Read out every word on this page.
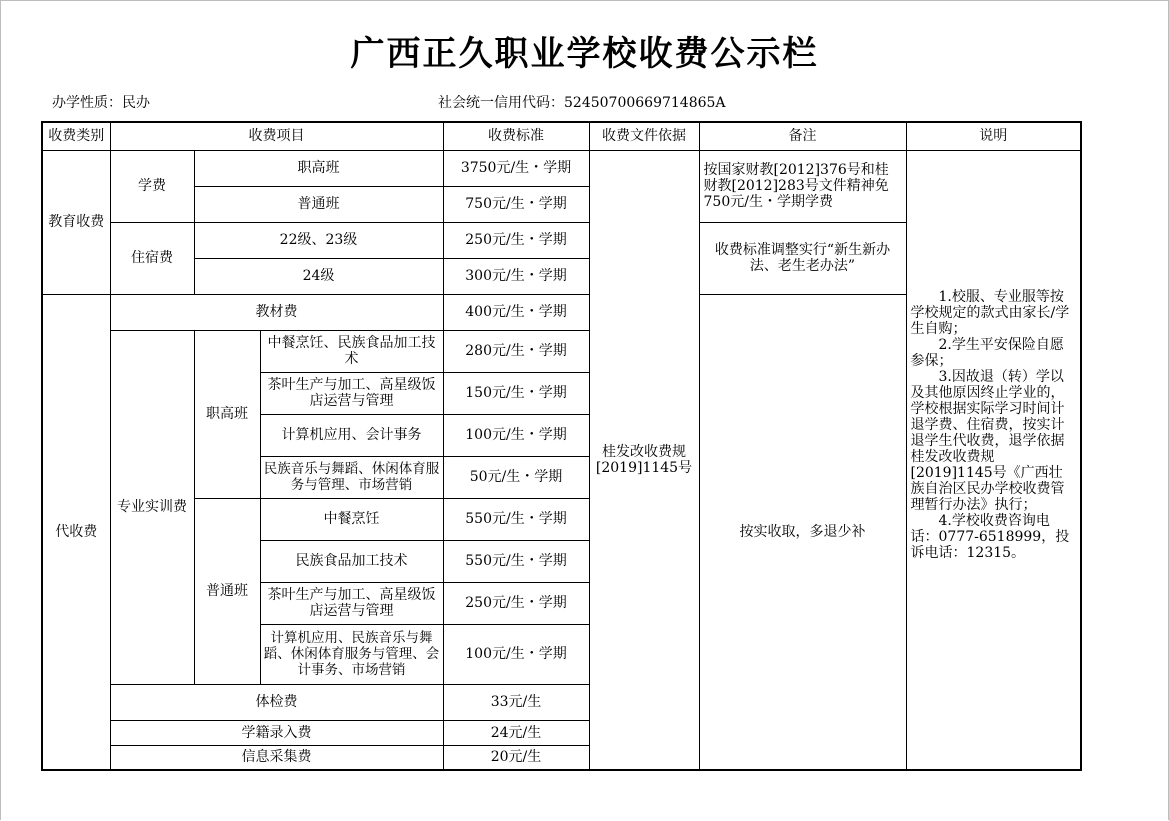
广西正久职业学校收费公示栏
办学性质：民办	社会统一信用代码：52450700669714865A
收费类别	收费项目			收费标准	收费文件依据	备注	说明
教育收费	学费	职高班		3750元/生・学期	桂发改收费规[2019]1145号	按国家财教[2012]376号和桂财教[2012]283号文件精神免750元/生・学期学费	1.校服、专业服等按学校规定的款式由家长/学生自购；
2.学生平安保险自愿参保；
3.因故退（转）学以及其他原因终止学业的，学校根据实际学习时间计退学费、住宿费，按实计退学生代收费，退学依据桂发改收费规[2019]1145号《广西壮族自治区民办学校收费管理暂行办法》执行；
4.学校收费咨询电话：0777-6518999，投诉电话：12315。

		普通班		750元/生・学期			
	住宿费	22级、23级		250元/生・学期		收费标准调整实行“新生新办法、老生老办法”	
		24级		300元/生・学期			
代收费	教材费			400元/生・学期		按实收取，多退少补	
	专业实训费	职高班	中餐烹饪、民族食品加工技术	280元/生・学期			
			茶叶生产与加工、高星级饭店运营与管理	150元/生・学期			
			计算机应用、会计事务	100元/生・学期			
			民族音乐与舞蹈、休闲体育服务与管理、市场营销	50元/生・学期			
		普通班	中餐烹饪	550元/生・学期			
			民族食品加工技术	550元/生・学期			
			茶叶生产与加工、高星级饭店运营与管理	250元/生・学期			
			计算机应用、民族音乐与舞蹈、休闲体育服务与管理、会计事务、市场营销	100元/生・学期			
	体检费			33元/生			
	学籍录入费			24元/生			
	信息采集费			20元/生			
